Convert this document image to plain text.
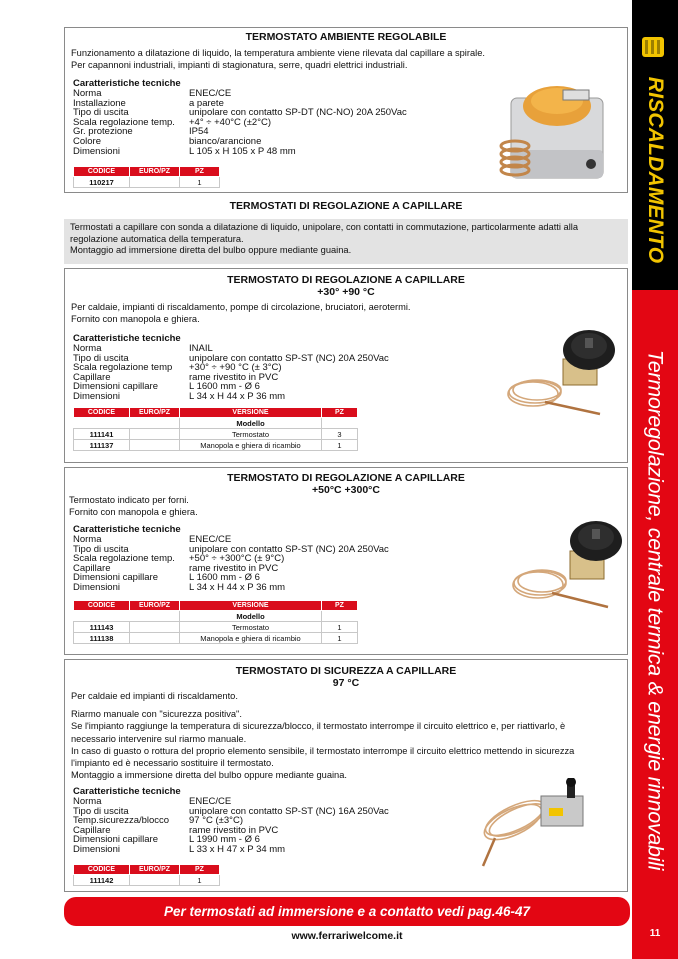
RISCALDAMENTO
Termoregolazione, centrale termica & energie rinnovabili
11
TERMOSTATO AMBIENTE REGOLABILE

Funzionamento a dilatazione di liquido, la temperatura ambiente viene rilevata dal capillare a spirale.

Per capannoni industriali, impianti di stagionatura, serre, quadri elettrici industriali.

Caratteristiche tecniche
Norma	ENEC/CE
Installazione	a parete
Tipo di uscita	unipolare con contatto SP-DT (NC-NO) 20A 250Vac
Scala regolazione temp.	+4° ÷ +40°C (±2°C)
Gr. protezione	IP54
Colore	bianco/arancione
Dimensioni	L 105 x H 105 x P 48 mm
CODICE	EURO/PZ	PZ
110217		1
TERMOSTATI DI REGOLAZIONE A CAPILLARE

Termostati a capillare con sonda a dilatazione di liquido, unipolare, con contatti in commutazione, particolarmente adatti alla

regolazione automatica della temperatura.

Montaggio ad immersione diretta del bulbo oppure mediante guaina.

TERMOSTATO DI REGOLAZIONE A CAPILLARE
+30° +90 °C

Per caldaie, impianti di riscaldamento, pompe di circolazione, bruciatori, aerotermi.

Fornito con manopola e ghiera.

Caratteristiche tecniche
Norma	INAIL
Tipo di uscita	unipolare con contatto SP-ST (NC) 20A 250Vac
Scala regolazione temp	+30° ÷ +90 °C (± 3°C)
Capillare	rame rivestito in PVC
Dimensioni capillare	L 1600 mm - Ø 6
Dimensioni	L 34 x H 44 x P 36 mm
CODICE	EURO/PZ	VERSIONE	PZ
		Modello	
111141		Termostato	3
111137		Manopola e ghiera di ricambio	1
TERMOSTATO DI REGOLAZIONE A CAPILLARE
+50°C +300°C

Termostato indicato per forni.

Fornito con manopola e ghiera.

Caratteristiche tecniche
Norma	ENEC/CE
Tipo di uscita	unipolare con contatto SP-ST (NC) 20A 250Vac
Scala regolazione temp.	+50° ÷ +300°C (± 9°C)
Capillare	rame rivestito in PVC
Dimensioni capillare	L 1600 mm - Ø 6
Dimensioni	L 34 x H 44 x P 36 mm
CODICE	EURO/PZ	VERSIONE	PZ
		Modello	
111143		Termostato	1
111138		Manopola e ghiera di ricambio	1
TERMOSTATO DI SICUREZZA A CAPILLARE
97 °C

Per caldaie ed impianti di riscaldamento.

Riarmo manuale con "sicurezza positiva".

Se l'impianto raggiunge la temperatura di sicurezza/blocco, il termostato interrompe il circuito elettrico e, per riattivarlo, è

necessario intervenire sul riarmo manuale.

In caso di guasto o rottura del proprio elemento sensibile, il termostato interrompe il circuito elettrico mettendo in sicurezza

l'impianto ed è necessario sostituire il termostato.

Montaggio a immersione diretta del bulbo oppure mediante guaina.

Caratteristiche tecniche
Norma	ENEC/CE
Tipo di uscita	unipolare con contatto SP-ST (NC) 16A 250Vac
Temp.sicurezza/blocco	97 °C (±3°C)
Capillare	rame rivestito in PVC
Dimensioni capillare	L 1990 mm - Ø 6
Dimensioni	L 33 x H 47 x P 34 mm
CODICE	EURO/PZ	PZ
111142		1
Per termostati ad immersione e a contatto vedi pag.46-47
www.ferrariwelcome.it
